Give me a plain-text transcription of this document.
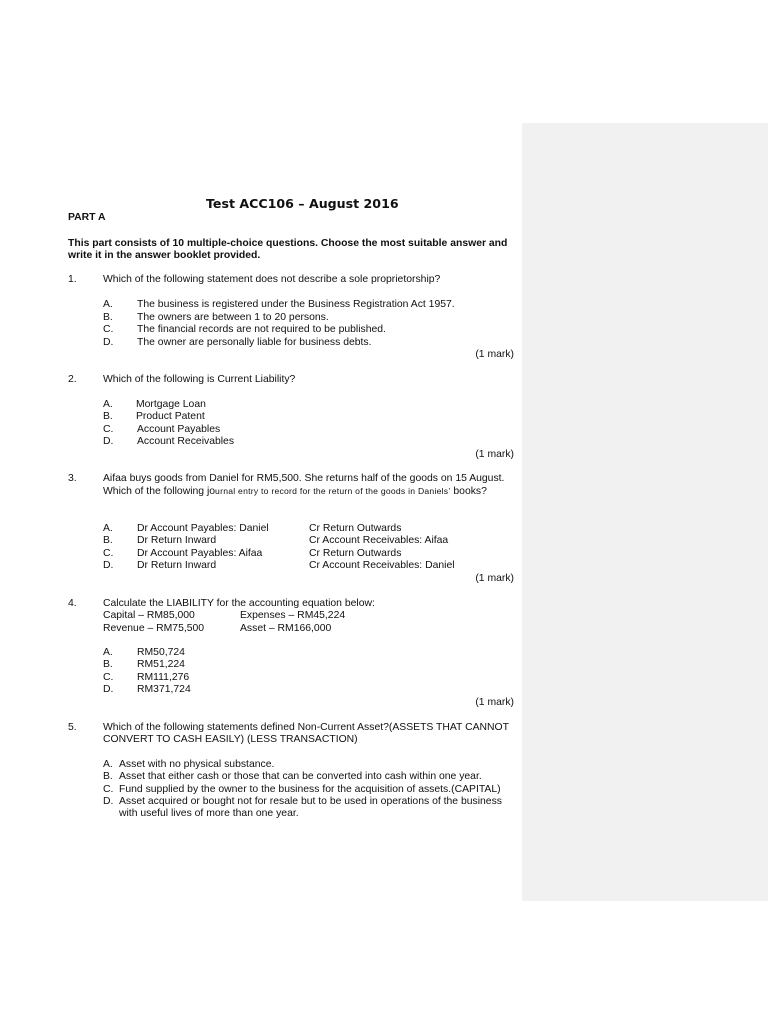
Test ACC106 – August 2016
PART A
This part consists of 10 multiple-choice questions. Choose the most suitable answer and write it in the answer booklet provided.
1.	Which of the following statement does not describe a sole proprietorship?
A. The business is registered under the Business Registration Act 1957.
B. The owners are between 1 to 20 persons.
C. The financial records are not required to be published.
D. The owner are personally liable for business debts.
(1 mark)
2.	Which of the following is Current Liability?
A. Mortgage Loan
B. Product Patent
C. Account Payables
D. Account Receivables
(1 mark)
3.	Aifaa buys goods from Daniel for RM5,500. She returns half of the goods on 15 August. Which of the following journal entry to record for the return of the goods in Daniels’ books?
A. Dr Account Payables: Daniel	Cr Return Outwards
B. Dr Return Inward	Cr Account Receivables: Aifaa
C. Dr Account Payables: Aifaa	Cr Return Outwards
D. Dr Return Inward	Cr Account Receivables: Daniel
(1 mark)
4.	Calculate the LIABILITY for the accounting equation below:
Capital – RM85,000	Expenses – RM45,224
Revenue – RM75,500	Asset – RM166,000
A. RM50,724
B. RM51,224
C. RM111,276
D. RM371,724
(1 mark)
5.	Which of the following statements defined Non-Current Asset?(ASSETS THAT CANNOT CONVERT TO CASH EASILY) (LESS TRANSACTION)
A. Asset with no physical substance.
B. Asset that either cash or those that can be converted into cash within one year.
C. Fund supplied by the owner to the business for the acquisition of assets.(CAPITAL)
D. Asset acquired or bought not for resale but to be used in operations of the business with useful lives of more than one year.
